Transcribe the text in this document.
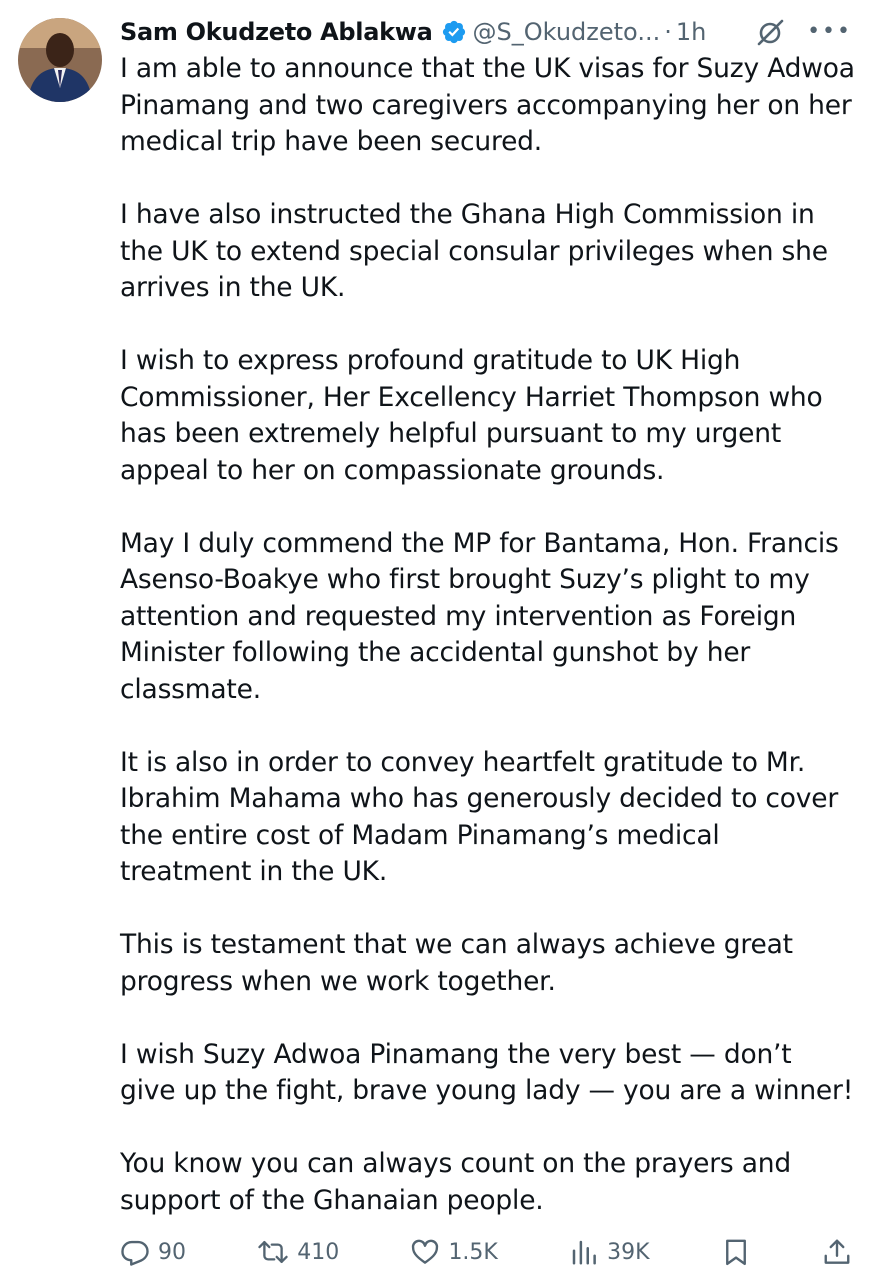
Sam Okudzeto Ablakwa @S_Okudzeto... · 1h	•••

I am able to announce that the UK visas for Suzy Adwoa Pinamang and two caregivers accompanying her on her medical trip have been secured.

I have also instructed the Ghana High Commission in the UK to extend special consular privileges when she arrives in the UK.

I wish to express profound gratitude to UK High Commissioner, Her Excellency Harriet Thompson who has been extremely helpful pursuant to my urgent appeal to her on compassionate grounds.

May I duly commend the MP for Bantama, Hon. Francis Asenso-Boakye who first brought Suzy’s plight to my attention and requested my intervention as Foreign Minister following the accidental gunshot by her classmate.

It is also in order to convey heartfelt gratitude to Mr. Ibrahim Mahama who has generously decided to cover the entire cost of Madam Pinamang’s medical treatment in the UK.

This is testament that we can always achieve great progress when we work together.

I wish Suzy Adwoa Pinamang the very best — don’t give up the fight, brave young lady — you are a winner!

You know you can always count on the prayers and support of the Ghanaian people.

90	410	1.5K	39K
